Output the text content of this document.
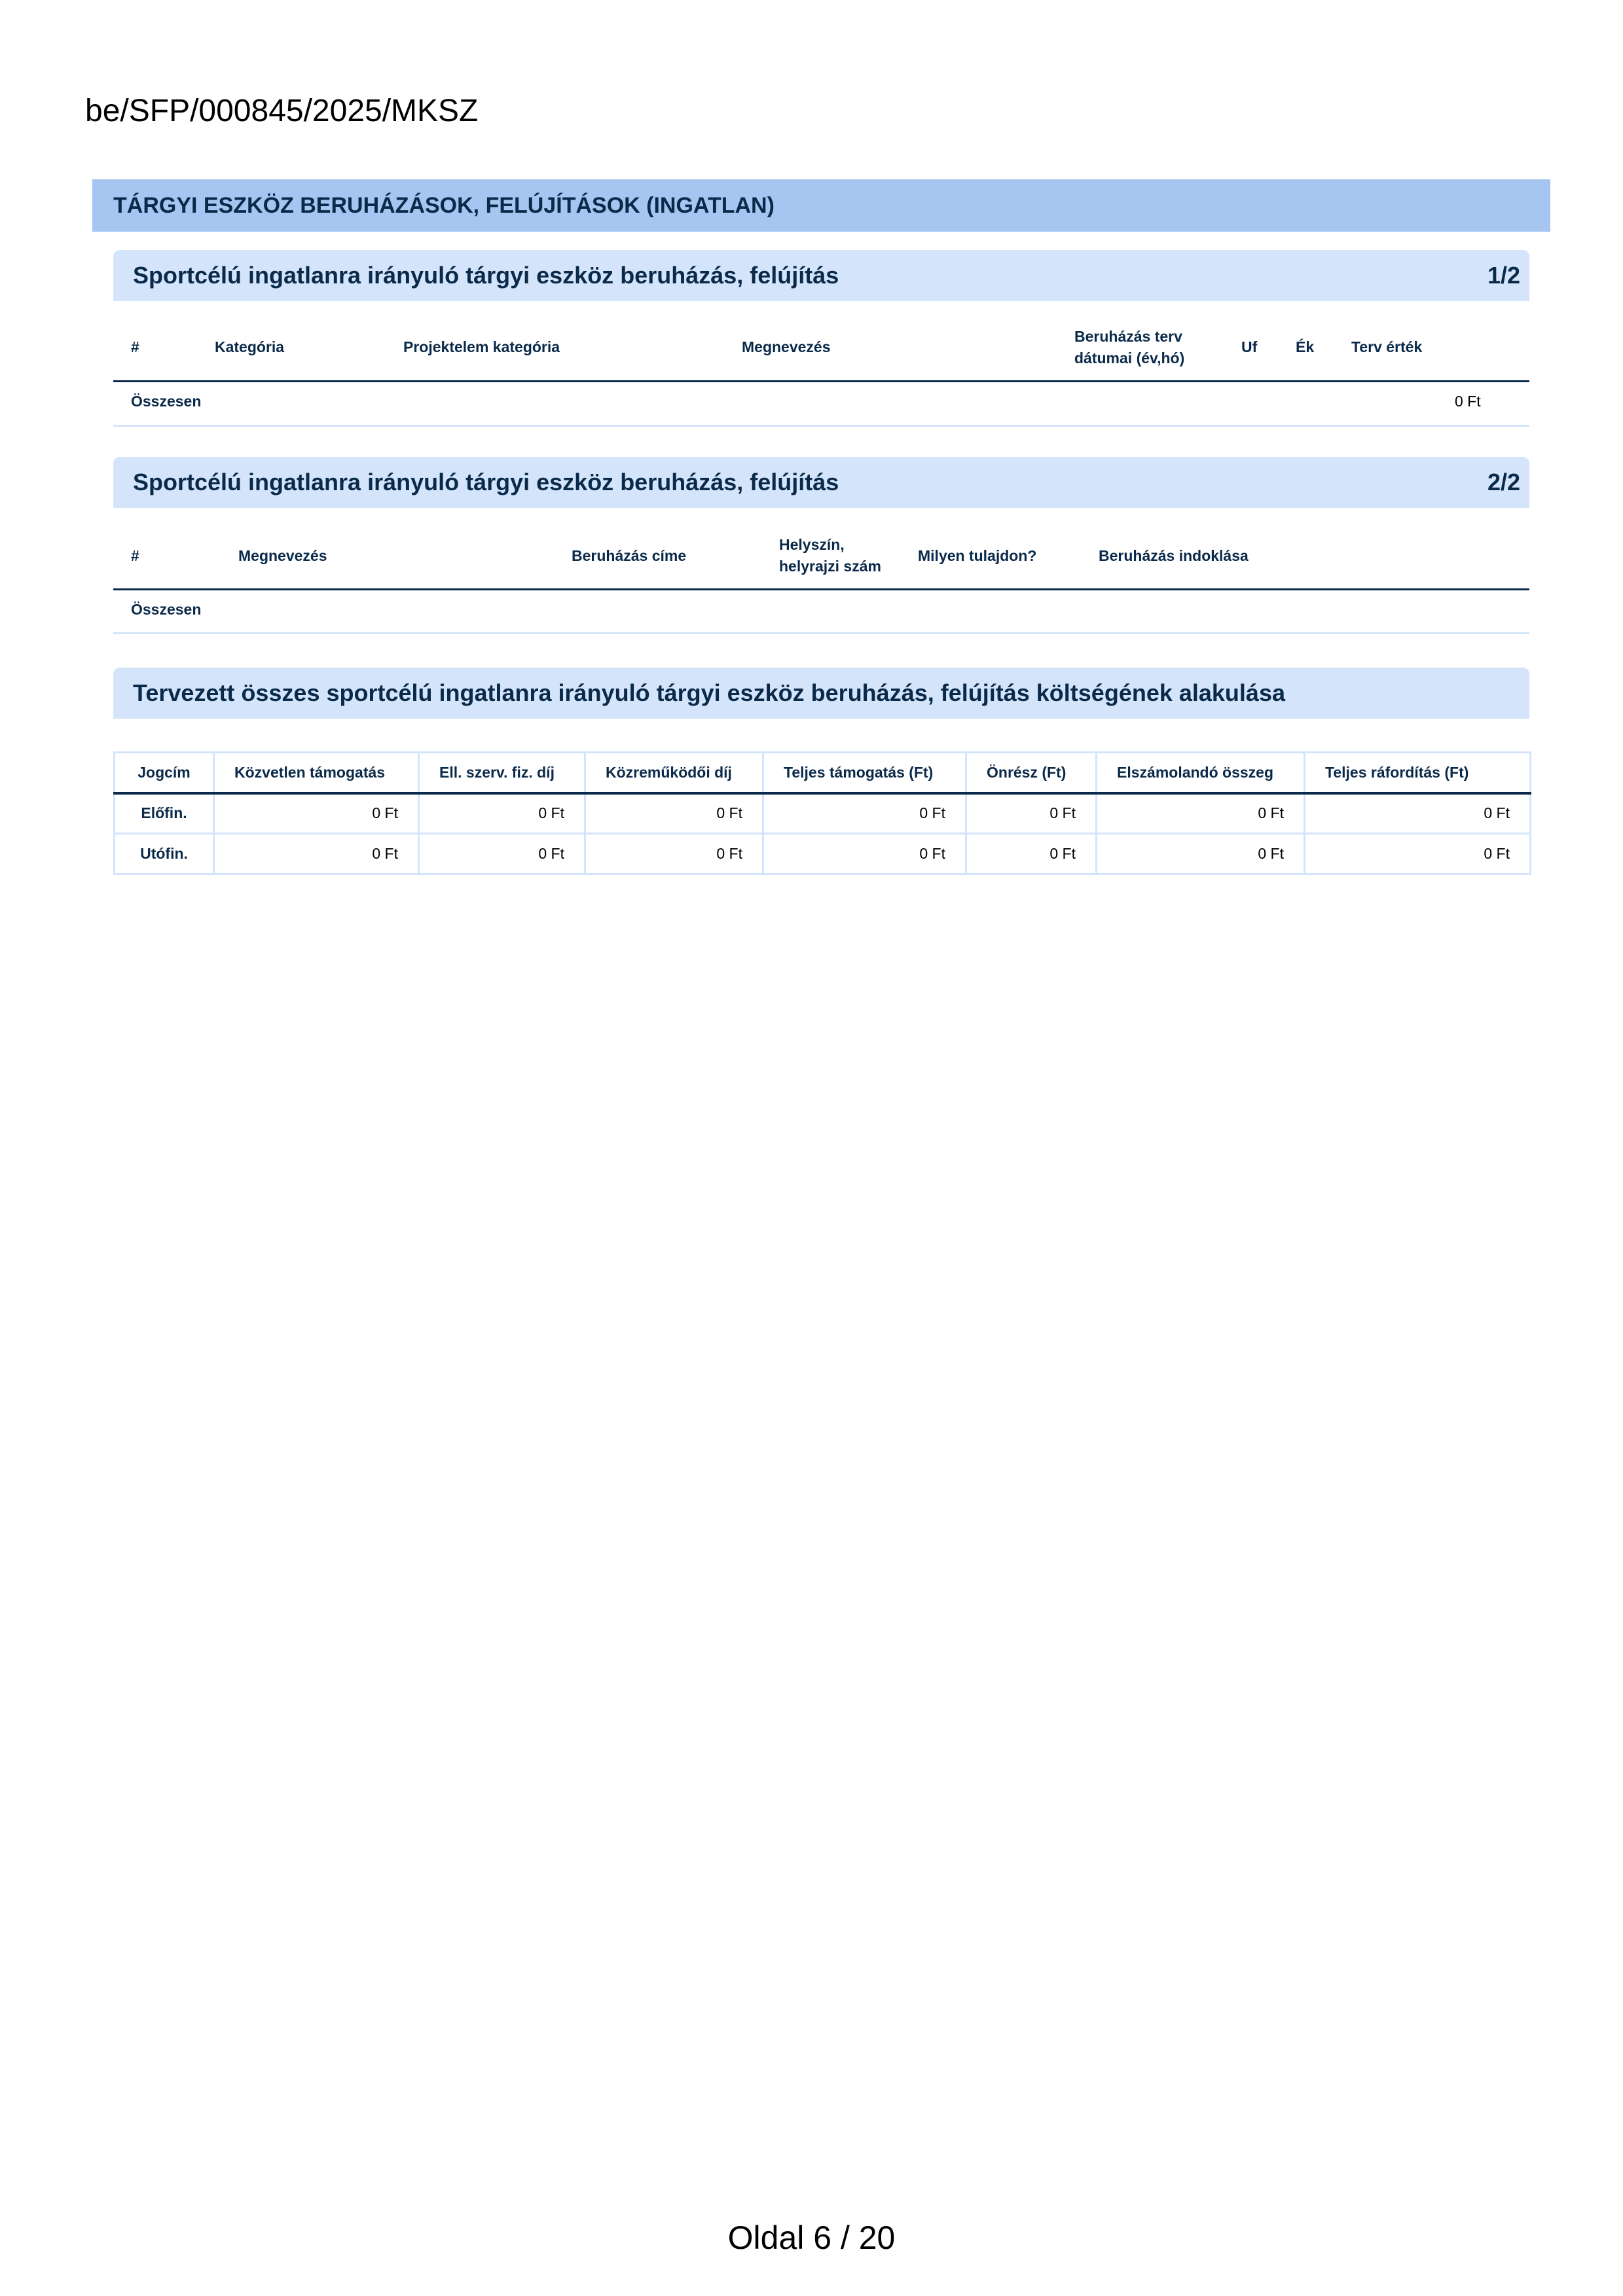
be/SFP/000845/2025/MKSZ
TÁRGYI ESZKÖZ BERUHÁZÁSOK, FELÚJÍTÁSOK (INGATLAN)
Sportcélú ingatlanra irányuló tárgyi eszköz beruházás, felújítás	1/2
#	Kategória	Projektelem kategória	Megnevezés
Beruházás terv
dátumai (év,hó)
Uf	Ék Terv érték
Összesen	0 Ft
Sportcélú ingatlanra irányuló tárgyi eszköz beruházás, felújítás	2/2
#	Megnevezés	Beruházás címe
Helyszín,
helyrajzi szám
Milyen tulajdon?	Beruházás indoklása
Összesen
Tervezett összes sportcélú ingatlanra irányuló tárgyi eszköz beruházás, felújítás költségének alakulása
Jogcím	Közvetlen támogatás	Ell. szerv. fiz. díj	Közreműködői díj	Teljes támogatás (Ft)	Önrész (Ft)	Elszámolandó összeg	Teljes ráfordítás (Ft)
Előfin.	0 Ft	0 Ft	0 Ft	0 Ft	0 Ft	0 Ft	0 Ft
Utófin.	0 Ft	0 Ft	0 Ft	0 Ft	0 Ft	0 Ft	0 Ft
Oldal 6 / 20
